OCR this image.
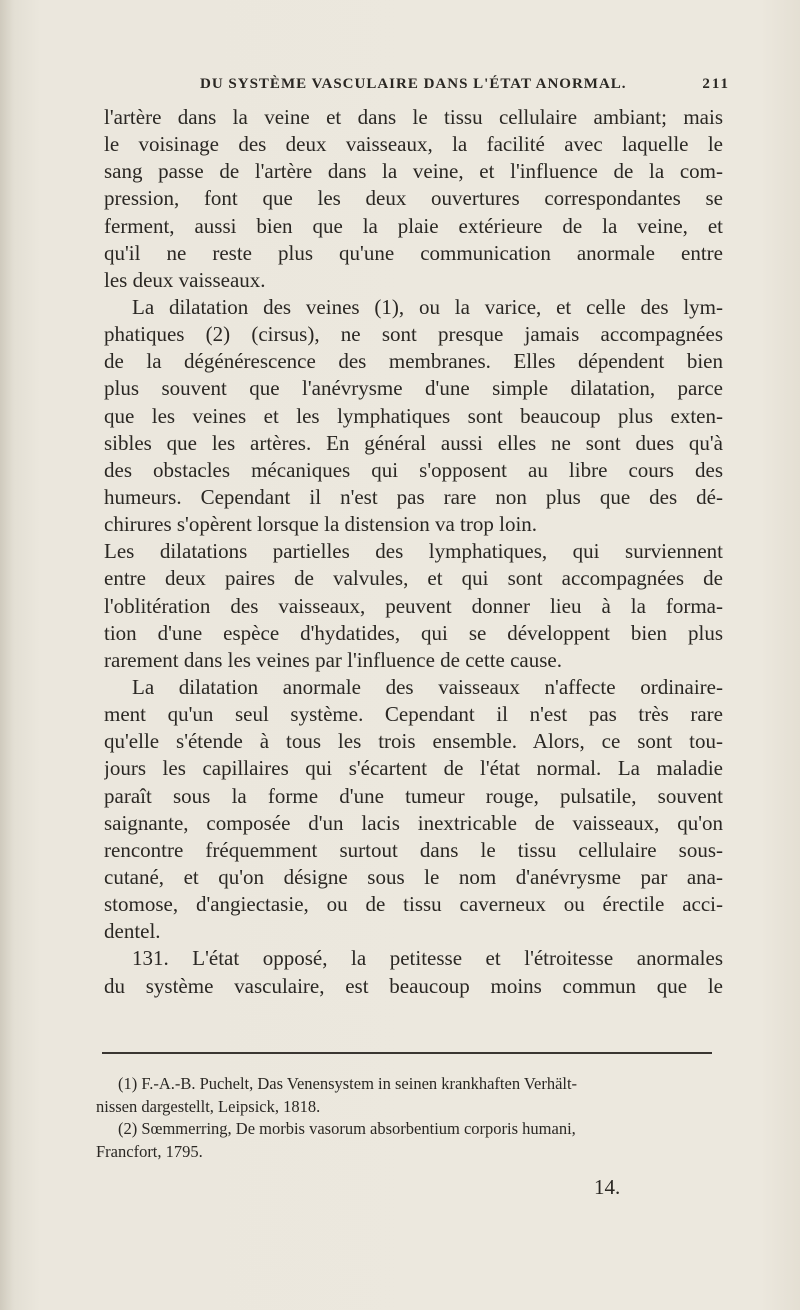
DU SYSTÈME VASCULAIRE DANS L'ÉTAT ANORMAL.	211
l'artère dans la veine et dans le tissu cellulaire ambiant; mais
le voisinage des deux vaisseaux, la facilité avec laquelle le
sang passe de l'artère dans la veine, et l'influence de la com-
pression, font que les deux ouvertures correspondantes se
ferment, aussi bien que la plaie extérieure de la veine, et
qu'il ne reste plus qu'une communication anormale entre
les deux vaisseaux.
La dilatation des veines (1), ou la varice, et celle des lym-
phatiques (2) (cirsus), ne sont presque jamais accompagnées
de la dégénérescence des membranes. Elles dépendent bien
plus souvent que l'anévrysme d'une simple dilatation, parce
que les veines et les lymphatiques sont beaucoup plus exten-
sibles que les artères. En général aussi elles ne sont dues qu'à
des obstacles mécaniques qui s'opposent au libre cours des
humeurs. Cependant il n'est pas rare non plus que des dé-
chirures s'opèrent lorsque la distension va trop loin.
Les dilatations partielles des lymphatiques, qui surviennent
entre deux paires de valvules, et qui sont accompagnées de
l'oblitération des vaisseaux, peuvent donner lieu à la forma-
tion d'une espèce d'hydatides, qui se développent bien plus
rarement dans les veines par l'influence de cette cause.
La dilatation anormale des vaisseaux n'affecte ordinaire-
ment qu'un seul système. Cependant il n'est pas très rare
qu'elle s'étende à tous les trois ensemble. Alors, ce sont tou-
jours les capillaires qui s'écartent de l'état normal. La maladie
paraît sous la forme d'une tumeur rouge, pulsatile, souvent
saignante, composée d'un lacis inextricable de vaisseaux, qu'on
rencontre fréquemment surtout dans le tissu cellulaire sous-
cutané, et qu'on désigne sous le nom d'anévrysme par ana-
stomose, d'angiectasie, ou de tissu caverneux ou érectile acci-
dentel.
131. L'état opposé, la petitesse et l'étroitesse anormales
du système vasculaire, est beaucoup moins commun que le
(1) F.-A.-B. Puchelt, Das Venensystem in seinen krankhaften Verhält-
nissen dargestellt, Leipsick, 1818.
(2) Sœmmerring, De morbis vasorum absorbentium corporis humani,
Francfort, 1795.
14.
